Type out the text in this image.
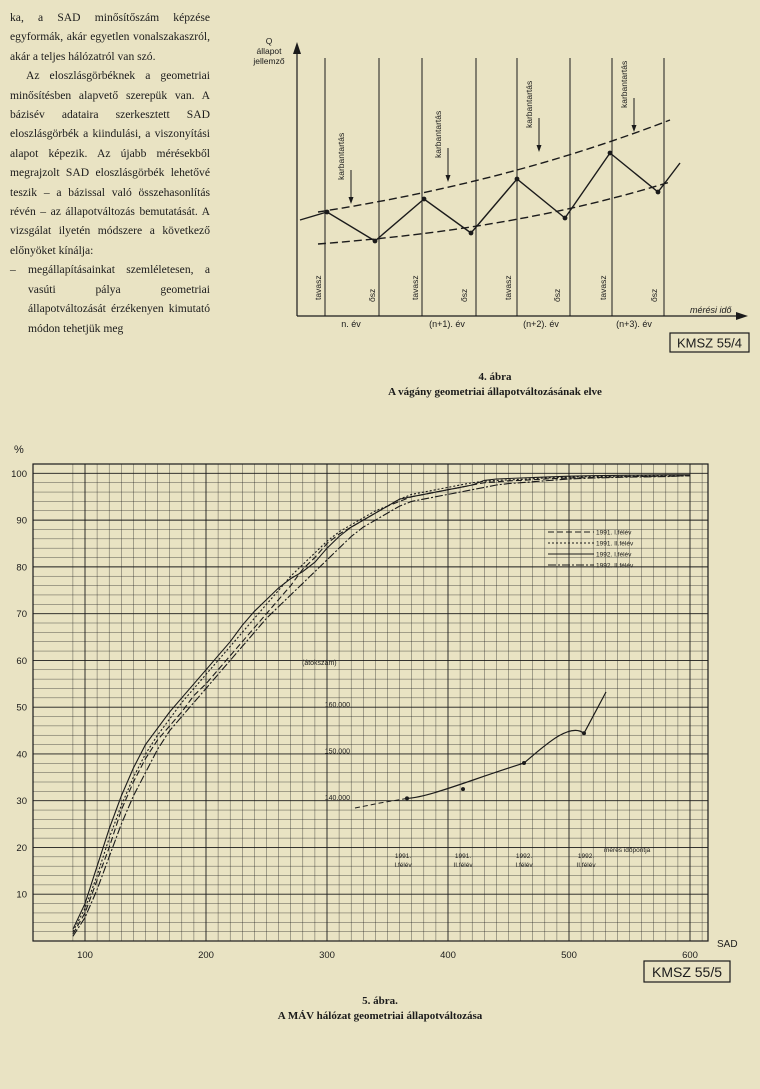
ka, a SAD minősítőszám képzése egyformák, akár egyetlen vonalszakaszról, akár a teljes hálózatról van szó.

Az eloszlásgörbéknek a geometriai minősítésben alapvető szerepük van. A bázisév adataira szerkesztett SAD eloszlásgörbék a kiindulási, a viszonyítási alapot képezik. Az újabb mérésekből megrajzolt SAD eloszlásgörbék lehetővé teszik – a bázissal való összehasonlítás révén – az állapotváltozás bemutatását. A vizsgálat ilyetén módszere a következő előnyöket kínálja:

–	megállapításainkat szemléletesen, a vasúti pálya geometriai állapotváltozását érzékenyen kimutató módon tehetjük meg
Q
állapot
jellemző
tavasz	tavasz	tavasz	tavasz
ősz	ősz	ősz	ősz
karbantartás	karbantartás
karbantartás	karbantartás
n. év	(n+1). év	(n+2). év	(n+3). év
mérési idő
KMSZ 55/4
4. ábra
A vágány geometriai állapotváltozásának elve
%
10
20
30
40
50
60
70
80
90
100
100	200	300	400	500	600
SAD
1991. I.félév
1991. II.félév
1992. I.félév
1992. II.félév
(átokszám)
160.000
150.000
140.000
1991.
I.félév
1991.
II.félév
1992.
I.félév
1992.
II.félév
mérés időpontja
KMSZ 55/5
5. ábra.
A MÁV hálózat geometriai állapotváltozása
